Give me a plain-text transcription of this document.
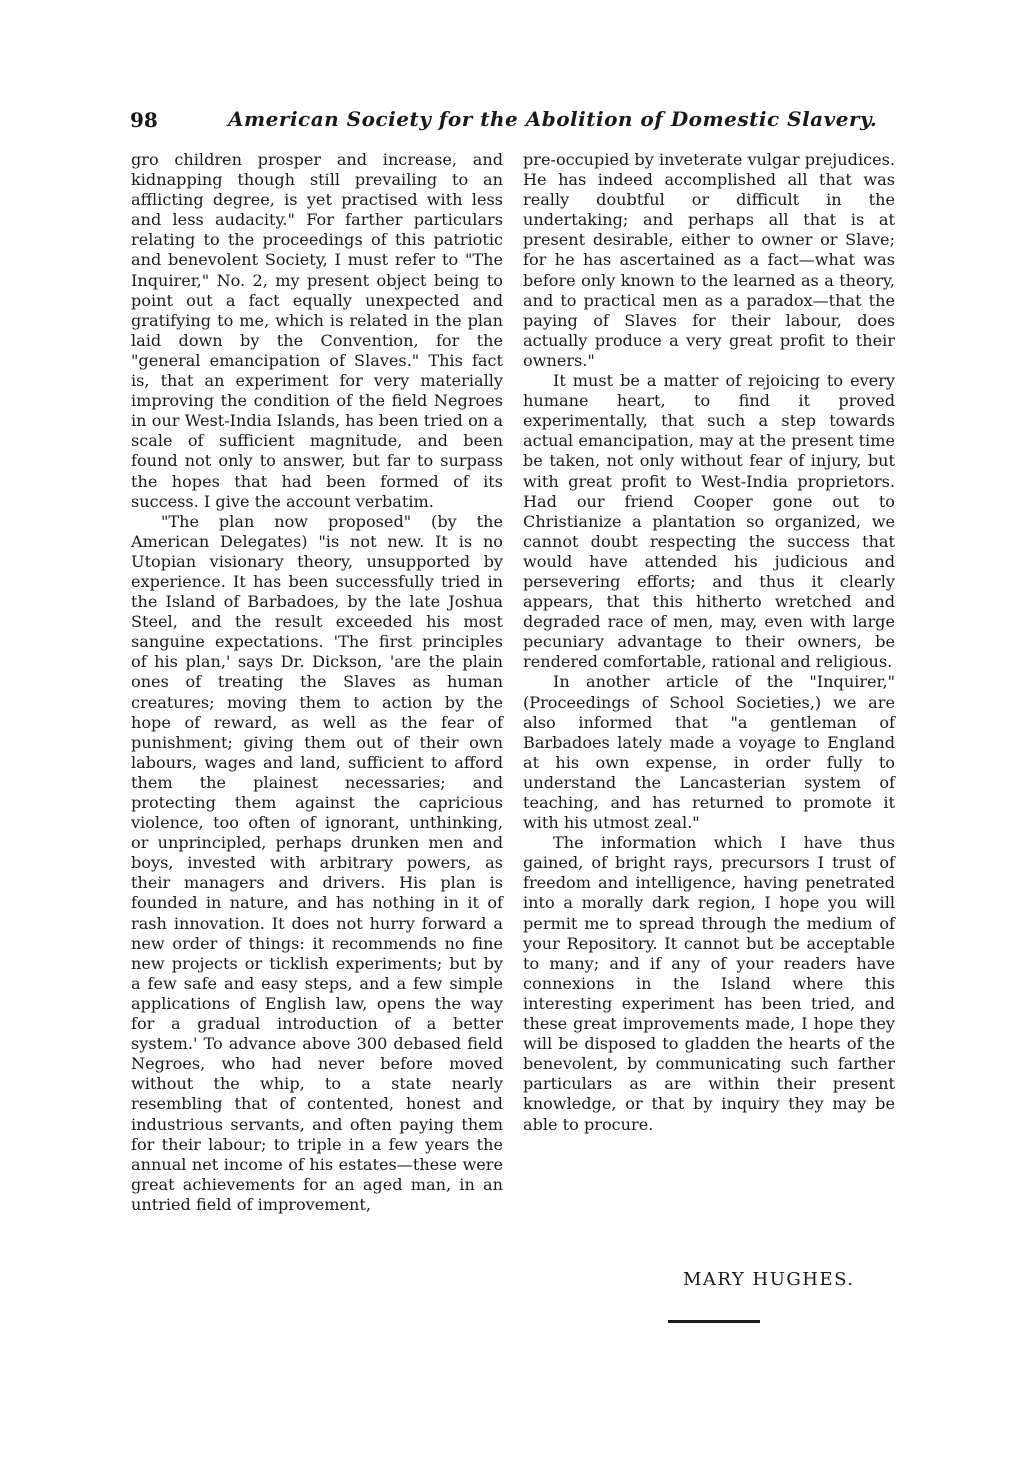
98	American Society for the Abolition of Domestic Slavery.

gro children prosper and increase, and kidnapping though still prevailing to an afflicting degree, is yet practised with less and less audacity." For farther particulars relating to the proceedings of this patriotic and benevolent Society, I must refer to "The Inquirer," No. 2, my present object being to point out a fact equally unexpected and gratifying to me, which is related in the plan laid down by the Convention, for the "general emancipation of Slaves." This fact is, that an experiment for very materially improving the condition of the field Negroes in our West-India Islands, has been tried on a scale of sufficient magnitude, and been found not only to answer, but far to surpass the hopes that had been formed of its success. I give the account verbatim.

"The plan now proposed" (by the American Delegates) "is not new. It is no Utopian visionary theory, unsupported by experience. It has been successfully tried in the Island of Barbadoes, by the late Joshua Steel, and the result exceeded his most sanguine expectations. 'The first principles of his plan,' says Dr. Dickson, 'are the plain ones of treating the Slaves as human creatures; moving them to action by the hope of reward, as well as the fear of punishment; giving them out of their own labours, wages and land, sufficient to afford them the plainest necessaries; and protecting them against the capricious violence, too often of ignorant, unthinking, or unprincipled, perhaps drunken men and boys, invested with arbitrary powers, as their managers and drivers. His plan is founded in nature, and has nothing in it of rash innovation. It does not hurry forward a new order of things: it recommends no fine new projects or ticklish experiments; but by a few safe and easy steps, and a few simple applications of English law, opens the way for a gradual introduction of a better system.' To advance above 300 debased field Negroes, who had never before moved without the whip, to a state nearly resembling that of contented, honest and industrious servants, and often paying them for their labour; to triple in a few years the annual net income of his estates—these were great achievements for an aged man, in an untried field of improvement,

pre-occupied by inveterate vulgar prejudices. He has indeed accomplished all that was really doubtful or difficult in the undertaking; and perhaps all that is at present desirable, either to owner or Slave; for he has ascertained as a fact—what was before only known to the learned as a theory, and to practical men as a paradox—that the paying of Slaves for their labour, does actually produce a very great profit to their owners."

It must be a matter of rejoicing to every humane heart, to find it proved experimentally, that such a step towards actual emancipation, may at the present time be taken, not only without fear of injury, but with great profit to West-India proprietors. Had our friend Cooper gone out to Christianize a plantation so organized, we cannot doubt respecting the success that would have attended his judicious and persevering efforts; and thus it clearly appears, that this hitherto wretched and degraded race of men, may, even with large pecuniary advantage to their owners, be rendered comfortable, rational and religious.

In another article of the "Inquirer," (Proceedings of School Societies,) we are also informed that "a gentleman of Barbadoes lately made a voyage to England at his own expense, in order fully to understand the Lancasterian system of teaching, and has returned to promote it with his utmost zeal."

The information which I have thus gained, of bright rays, precursors I trust of freedom and intelligence, having penetrated into a morally dark region, I hope you will permit me to spread through the medium of your Repository. It cannot but be acceptable to many; and if any of your readers have connexions in the Island where this interesting experiment has been tried, and these great improvements made, I hope they will be disposed to gladden the hearts of the benevolent, by communicating such farther particulars as are within their present knowledge, or that by inquiry they may be able to procure.

MARY HUGHES.
